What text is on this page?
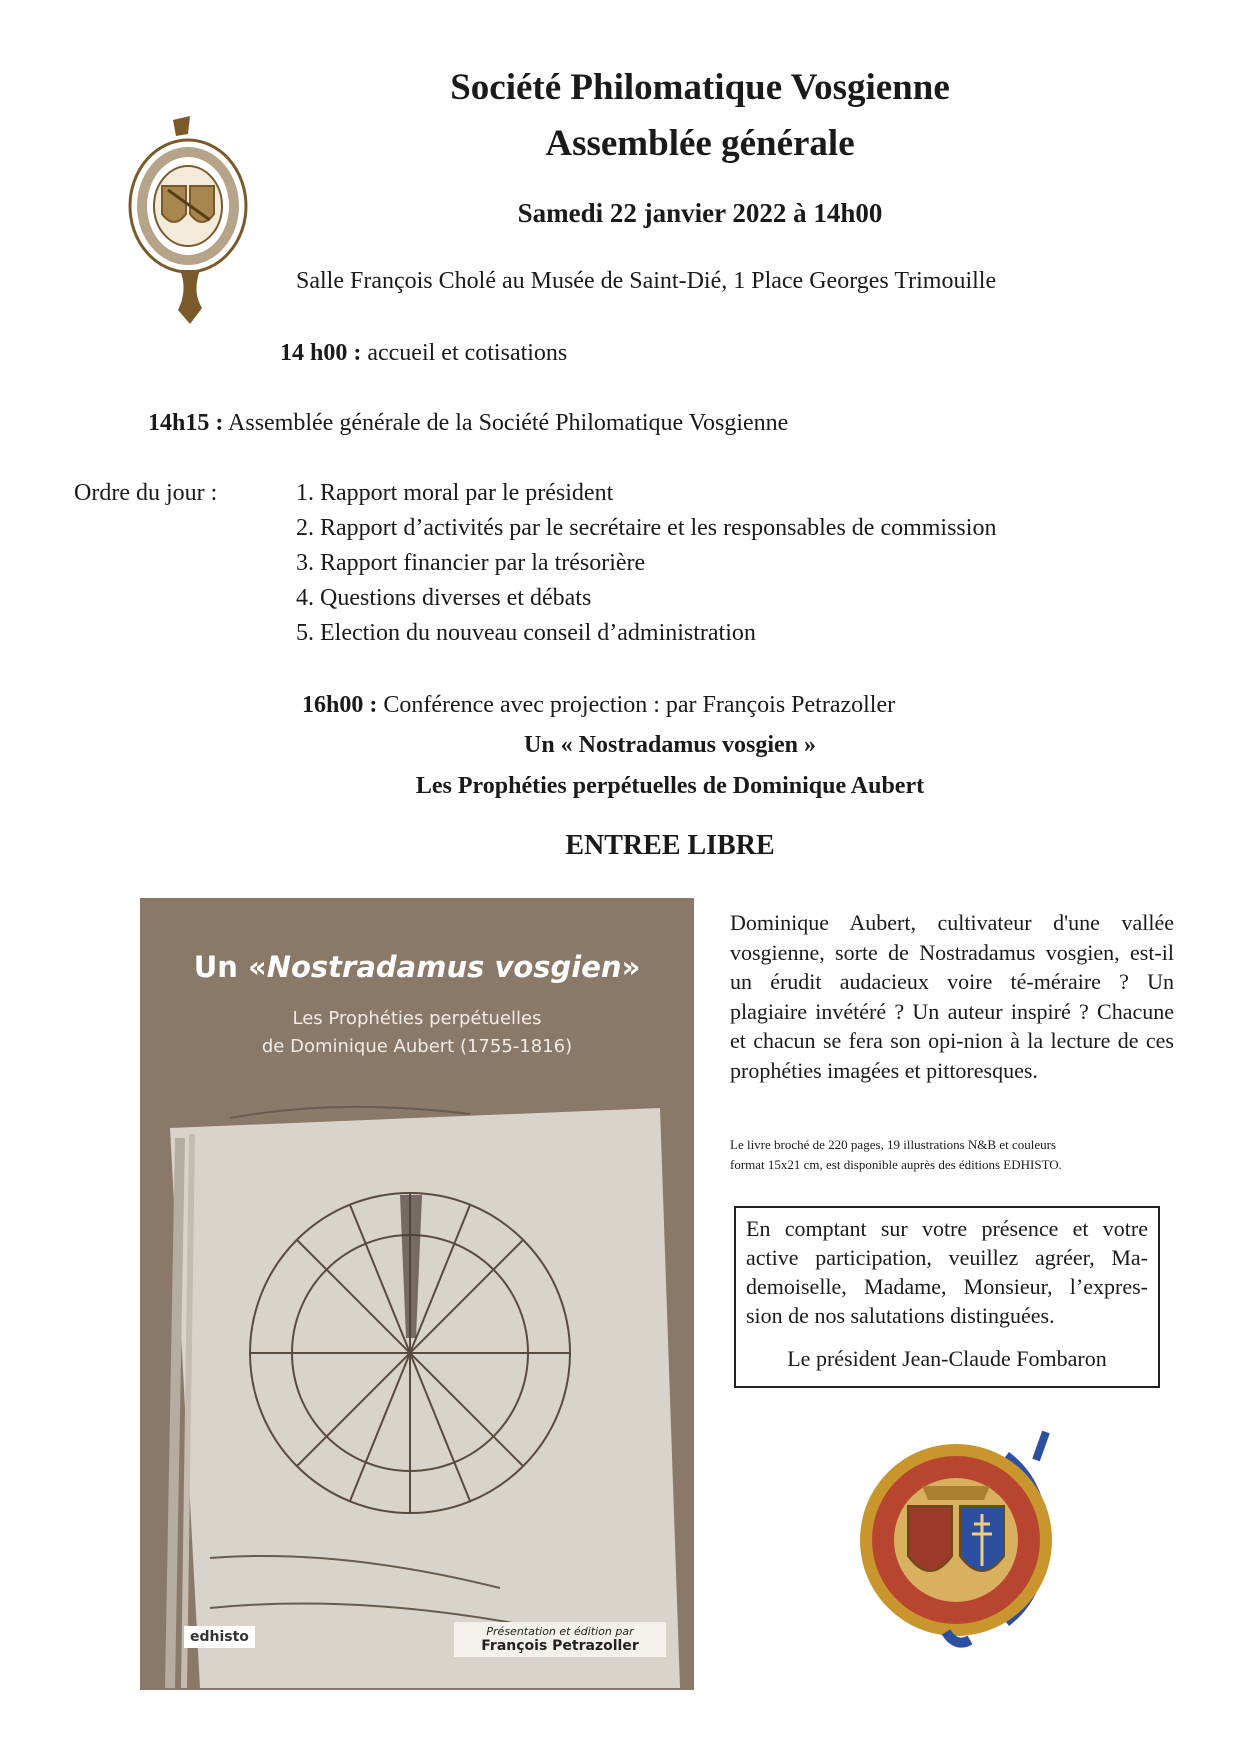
Société Philomatique Vosgienne
Assemblée générale
Samedi 22 janvier 2022 à 14h00
Salle François Cholé au Musée de Saint-Dié, 1 Place Georges Trimouille
14 h00 : accueil et cotisations
14h15 : Assemblée générale de la Société Philomatique Vosgienne
Ordre du jour :	1. Rapport moral par le président
2. Rapport d’activités par le secrétaire et les responsables de commission
3. Rapport financier par la trésorière
4. Questions diverses et débats
5. Election du nouveau conseil d’administration
16h00 : Conférence avec projection : par François Petrazoller
Un « Nostradamus vosgien »
Les Prophéties perpétuelles de Dominique Aubert
ENTREE LIBRE
Un «Nostradamus vosgien»
Les Prophéties perpétuelles
de Dominique Aubert (1755-1816)
edhisto	Présentation et édition par
François Petrazoller
Dominique Aubert, cultivateur d'une vallée vosgienne, sorte de Nostradamus vosgien, est-il un érudit audacieux voire té-méraire ? Un plagiaire invétéré ? Un auteur inspiré ? Chacune et chacun se fera son opi-nion à la lecture de ces prophéties imagées et pittoresques.
Le livre broché de 220 pages, 19 illustrations N&B et couleurs
format 15x21 cm, est disponible auprès des éditions EDHISTO.
En comptant sur votre présence et votre active participation, veuillez agréer, Ma-demoiselle, Madame, Monsieur, l’expres-sion de nos salutations distinguées.
Le président Jean-Claude Fombaron
